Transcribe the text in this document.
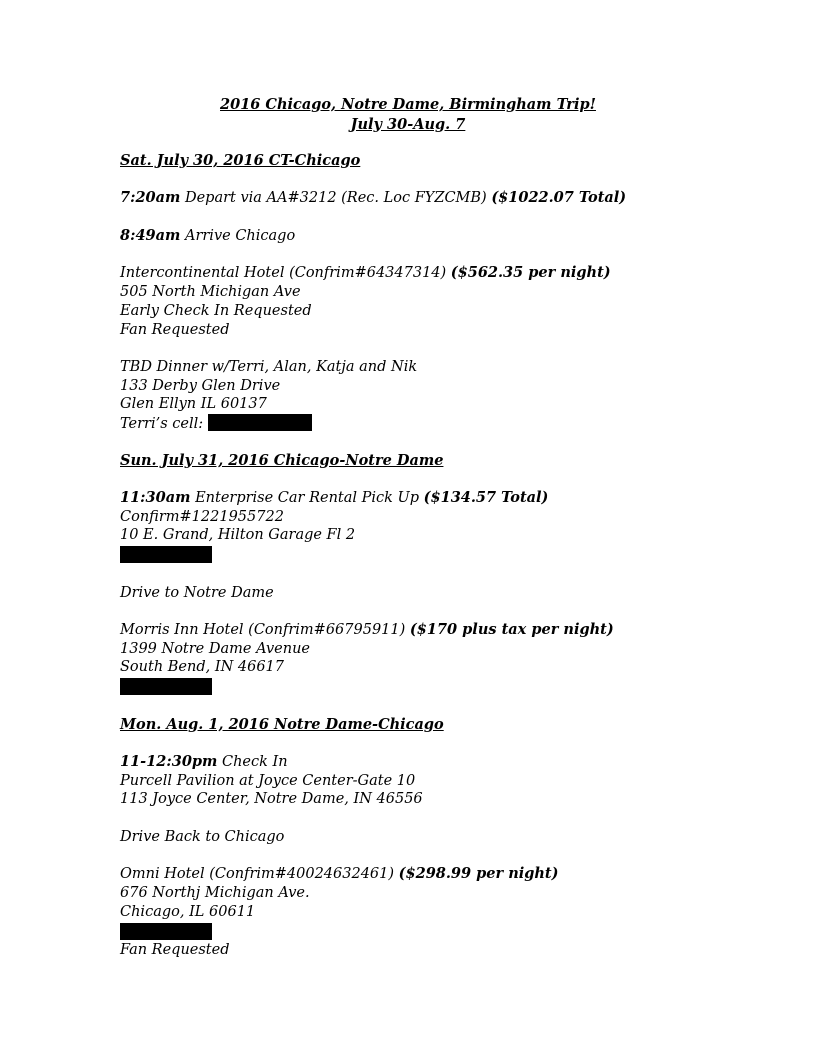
2016 Chicago, Notre Dame, Birmingham Trip!
July 30-Aug. 7
Sat. July 30, 2016 CT-Chicago
7:20am Depart via AA#3212 (Rec. Loc FYZCMB) ($1022.07 Total)
8:49am Arrive Chicago
Intercontinental Hotel (Confrim#64347314) ($562.35 per night)
505 North Michigan Ave
Early Check In Requested
Fan Requested
TBD Dinner w/Terri, Alan, Katja and Nik
133 Derby Glen Drive
Glen Ellyn IL 60137
Terri’s cell:
Sun. July 31, 2016 Chicago-Notre Dame
11:30am Enterprise Car Rental Pick Up ($134.57 Total)
Confirm#1221955722
10 E. Grand, Hilton Garage Fl 2
Drive to Notre Dame
Morris Inn Hotel (Confrim#66795911) ($170 plus tax per night)
1399 Notre Dame Avenue
South Bend, IN 46617
Mon. Aug. 1, 2016 Notre Dame-Chicago
11-12:30pm Check In
Purcell Pavilion at Joyce Center-Gate 10
113 Joyce Center, Notre Dame, IN 46556
Drive Back to Chicago
Omni Hotel (Confrim#40024632461) ($298.99 per night)
676 Northj Michigan Ave.
Chicago, IL 60611
Fan Requested
